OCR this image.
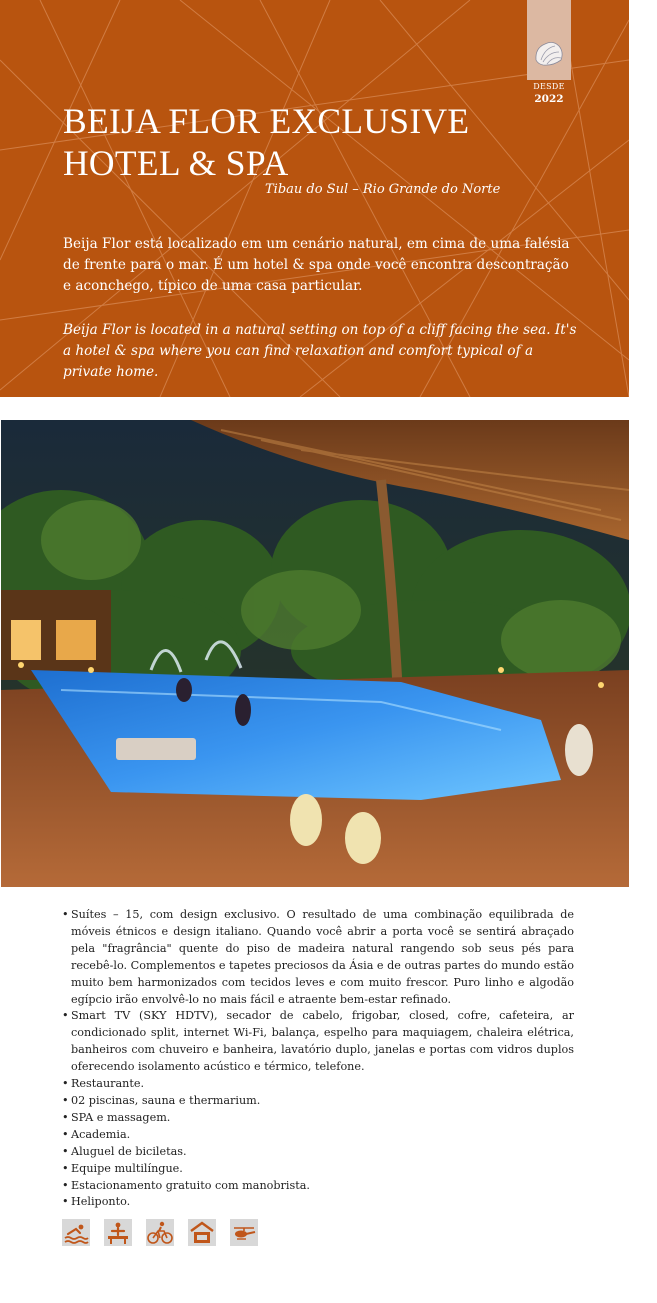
DESDE
2022
BEIJA FLOR EXCLUSIVE
HOTEL & SPA
Tibau do Sul – Rio Grande do Norte

Beija Flor está localizado em um cenário natural, em cima de uma falésia de frente para o mar. É um hotel & spa onde você encontra descontração e aconchego, típico de uma casa particular.

Beija Flor is located in a natural setting on top of a cliff facing the sea. It's a hotel & spa where you can find relaxation and comfort typical of a private home.

• Suítes – 15, com design exclusivo. O resultado de uma combinação equilibrada de móveis étnicos e design italiano. Quando você abrir a porta você se sentirá abraçado pela "fragrância" quente do piso de madeira natural rangendo sob seus pés para recebê-lo. Complementos e tapetes preciosos da Ásia e de outras partes do mundo estão muito bem harmonizados com tecidos leves e com muito frescor. Puro linho e algodão egípcio irão envolvê-lo no mais fácil e atraente bem-estar refinado.
• Smart TV (SKY HDTV), secador de cabelo, frigobar, closed, cofre, cafeteira, ar condicionado split, internet Wi-Fi, balança, espelho para maquiagem, chaleira elétrica, banheiros com chuveiro e banheira, lavatório duplo, janelas e portas com vidros duplos oferecendo isolamento acústico e térmico, telefone.
• Restaurante.
• 02 piscinas, sauna e thermarium.
• SPA e massagem.
• Academia.
• Aluguel de biciletas.
• Equipe multilíngue.
• Estacionamento gratuito com manobrista.
• Heliponto.
